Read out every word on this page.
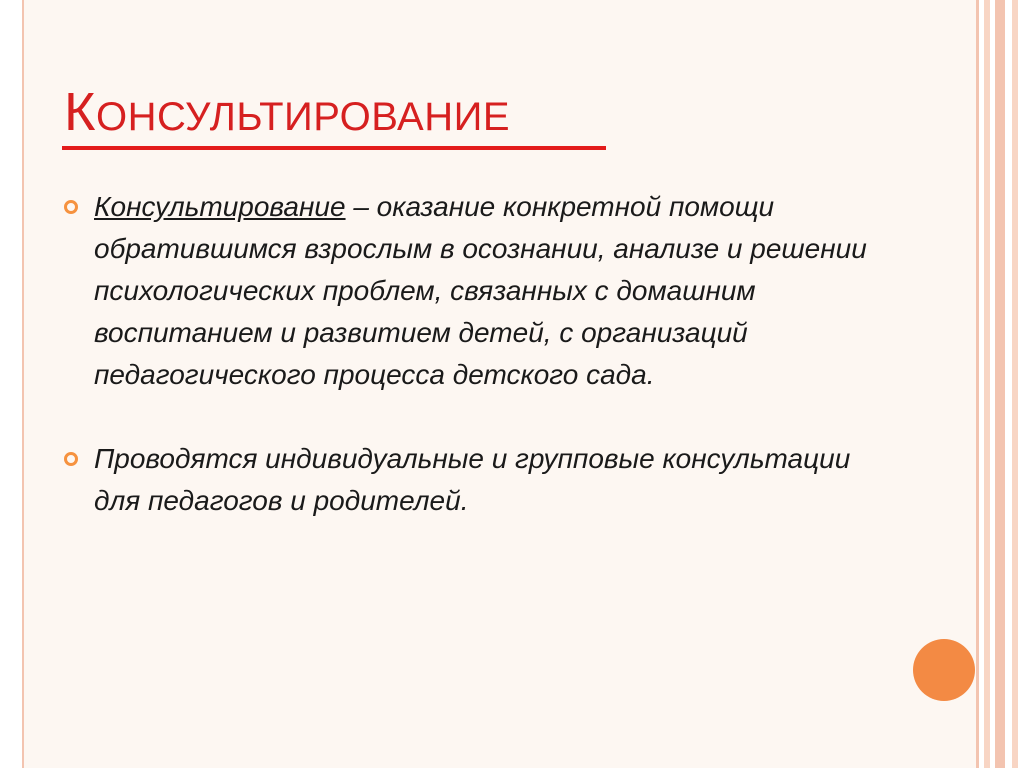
КОНСУЛЬТИРОВАНИЕ
Консультирование – оказание конкретной помощи обратившимся взрослым в осознании, анализе и решении психологических проблем, связанных с домашним воспитанием и развитием детей, с организаций педагогического процесса детского сада.
Проводятся индивидуальные и групповые консультации для педагогов и родителей.
